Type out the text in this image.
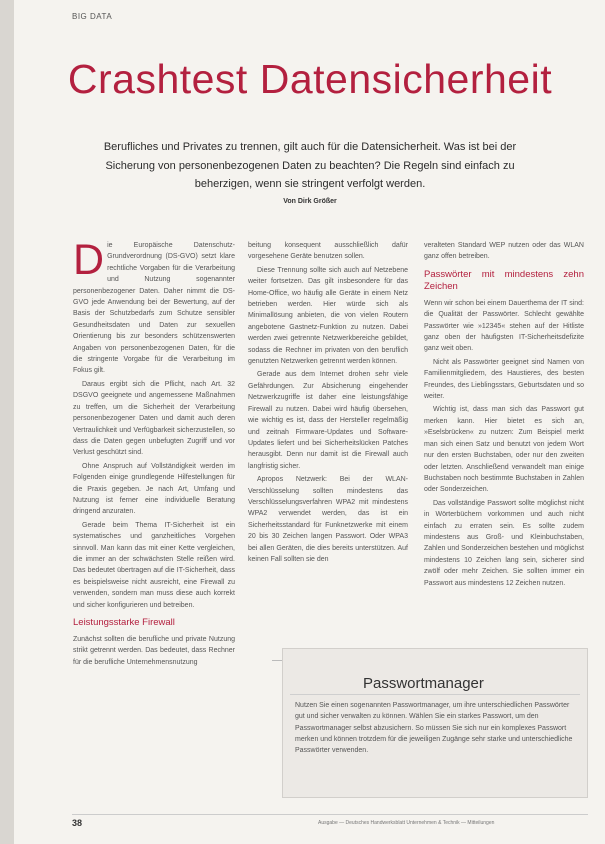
BIG DATA
Crashtest Datensicherheit
Berufliches und Privates zu trennen, gilt auch für die Datensicherheit. Was ist bei der Sicherung von personenbezogenen Daten zu beachten? Die Regeln sind einfach zu beherzigen, wenn sie stringent verfolgt werden.
Von Dirk Größer

Die Europäische Datenschutz-Grundverordnung (DS-GVO) setzt klare rechtliche Vorgaben für die Verarbeitung und Nutzung sogenannter personenbezogener Daten. Daher nimmt die DS-GVO jede Anwendung bei der Bewertung, auf der Basis der Schutzbedarfs zum Schutze sensibler Gesundheitsdaten und Daten zur sexuellen Orientierung bis zur besonders schützenswerten Angaben von personenbezogenen Daten, für die die stringente Vorgabe für die Verarbeitung im Fokus gilt.

Daraus ergibt sich die Pflicht, nach Art. 32 DSGVO geeignete und angemessene Maßnahmen zu treffen, um die Sicherheit der Verarbeitung personenbezogener Daten und damit auch deren Vertraulichkeit und Verfügbarkeit sicherzustellen, so dass die Daten gegen unbefugten Zugriff und vor Verlust geschützt sind.

Ohne Anspruch auf Vollständigkeit werden im Folgenden einige grundlegende Hilfestellungen für die Praxis gegeben. Je nach Art, Umfang und Nutzung ist ferner eine individuelle Beratung dringend anzuraten.

Gerade beim Thema IT-Sicherheit ist ein systematisches und ganzheitliches Vorgehen sinnvoll. Man kann das mit einer Kette vergleichen, die immer an der schwächsten Stelle reißen wird. Das bedeutet übertragen auf die IT-Sicherheit, dass es beispielsweise nicht ausreicht, eine Firewall zu verwenden, sondern man muss diese auch korrekt und sicher konfigurieren und betreiben.

Leistungsstarke Firewall

Zunächst sollten die berufliche und private Nutzung strikt getrennt werden. Das bedeutet, dass Rechner für die berufliche Unternehmensnutzung

beitung konsequent ausschließlich dafür vorgesehene Geräte benutzen sollen.

Diese Trennung sollte sich auch auf Netzebene weiter fortsetzen. Das gilt insbesondere für das Home-Office, wo häufig alle Geräte in einem Netz betrieben werden. Hier würde sich als Minimallösung anbieten, die von vielen Routern angebotene Gastnetz-Funktion zu nutzen. Dabei werden zwei getrennte Netzwerkbereiche gebildet, sodass die Rechner im privaten von den beruflich genutzten Netzwerken getrennt werden können.

Gerade aus dem Internet drohen sehr viele Gefährdungen. Zur Absicherung eingehender Netzwerkzugriffe ist daher eine leistungsfähige Firewall zu nutzen. Dabei wird häufig übersehen, wie wichtig es ist, dass der Hersteller regelmäßig und zeitnah Firmware-Updates und Software-Updates liefert und bei Sicherheitslücken Patches herausgibt. Denn nur damit ist die Firewall auch langfristig sicher.

Apropos Netzwerk: Bei der WLAN-Verschlüsselung sollten mindestens das Verschlüsselungsverfahren WPA2 mit mindestens WPA2 verwendet werden, das ist ein Sicherheitsstandard für Funknetzwerke mit einem 20 bis 30 Zeichen langen Passwort. Oder WPA3 bei allen Geräten, die dies bereits unterstützen. Auf keinen Fall sollten sie den

veralteten Standard WEP nutzen oder das WLAN ganz offen betreiben.

Passwörter mit mindestens zehn Zeichen

Wenn wir schon bei einem Dauerthema der IT sind: die Qualität der Passwörter. Schlecht gewählte Passwörter wie »12345« stehen auf der Hitliste ganz oben der häufigsten IT-Sicherheitsdefizite ganz weit oben.

Nicht als Passwörter geeignet sind Namen von Familienmitgliedern, des Haustieres, des besten Freundes, des Lieblingsstars, Geburtsdaten und so weiter.

Wichtig ist, dass man sich das Passwort gut merken kann. Hier bietet es sich an, »Eselsbrücken« zu nutzen: Zum Beispiel merkt man sich einen Satz und benutzt von jedem Wort nur den ersten Buchstaben, oder nur den zweiten oder letzten. Anschließend verwandelt man einige Buchstaben noch bestimmte Buchstaben in Zahlen oder Sonderzeichen.

Das vollständige Passwort sollte möglichst nicht in Wörterbüchern vorkommen und auch nicht einfach zu erraten sein. Es sollte zudem mindestens aus Groß- und Kleinbuchstaben, Zahlen und Sonderzeichen bestehen und möglichst mindestens 10 Zeichen lang sein, sicherer sind zwölf oder mehr Zeichen. Sie sollten immer ein Passwort aus mindestens 12 Zeichen nutzen.

Passwortmanager

Nutzen Sie einen sogenannten Passwortmanager, um ihre unterschiedlichen Passwörter gut und sicher verwalten zu können. Wählen Sie ein starkes Passwort, um den Passwortmanager selbst abzusichern. So müssen Sie sich nur ein komplexes Passwort merken und können trotzdem für die jeweiligen Zugänge sehr starke und unterschiedliche Passwörter verwenden.

38	Ausgabe — Deutsches Handwerksblatt Unternehmen & Technik — Mitteilungen
